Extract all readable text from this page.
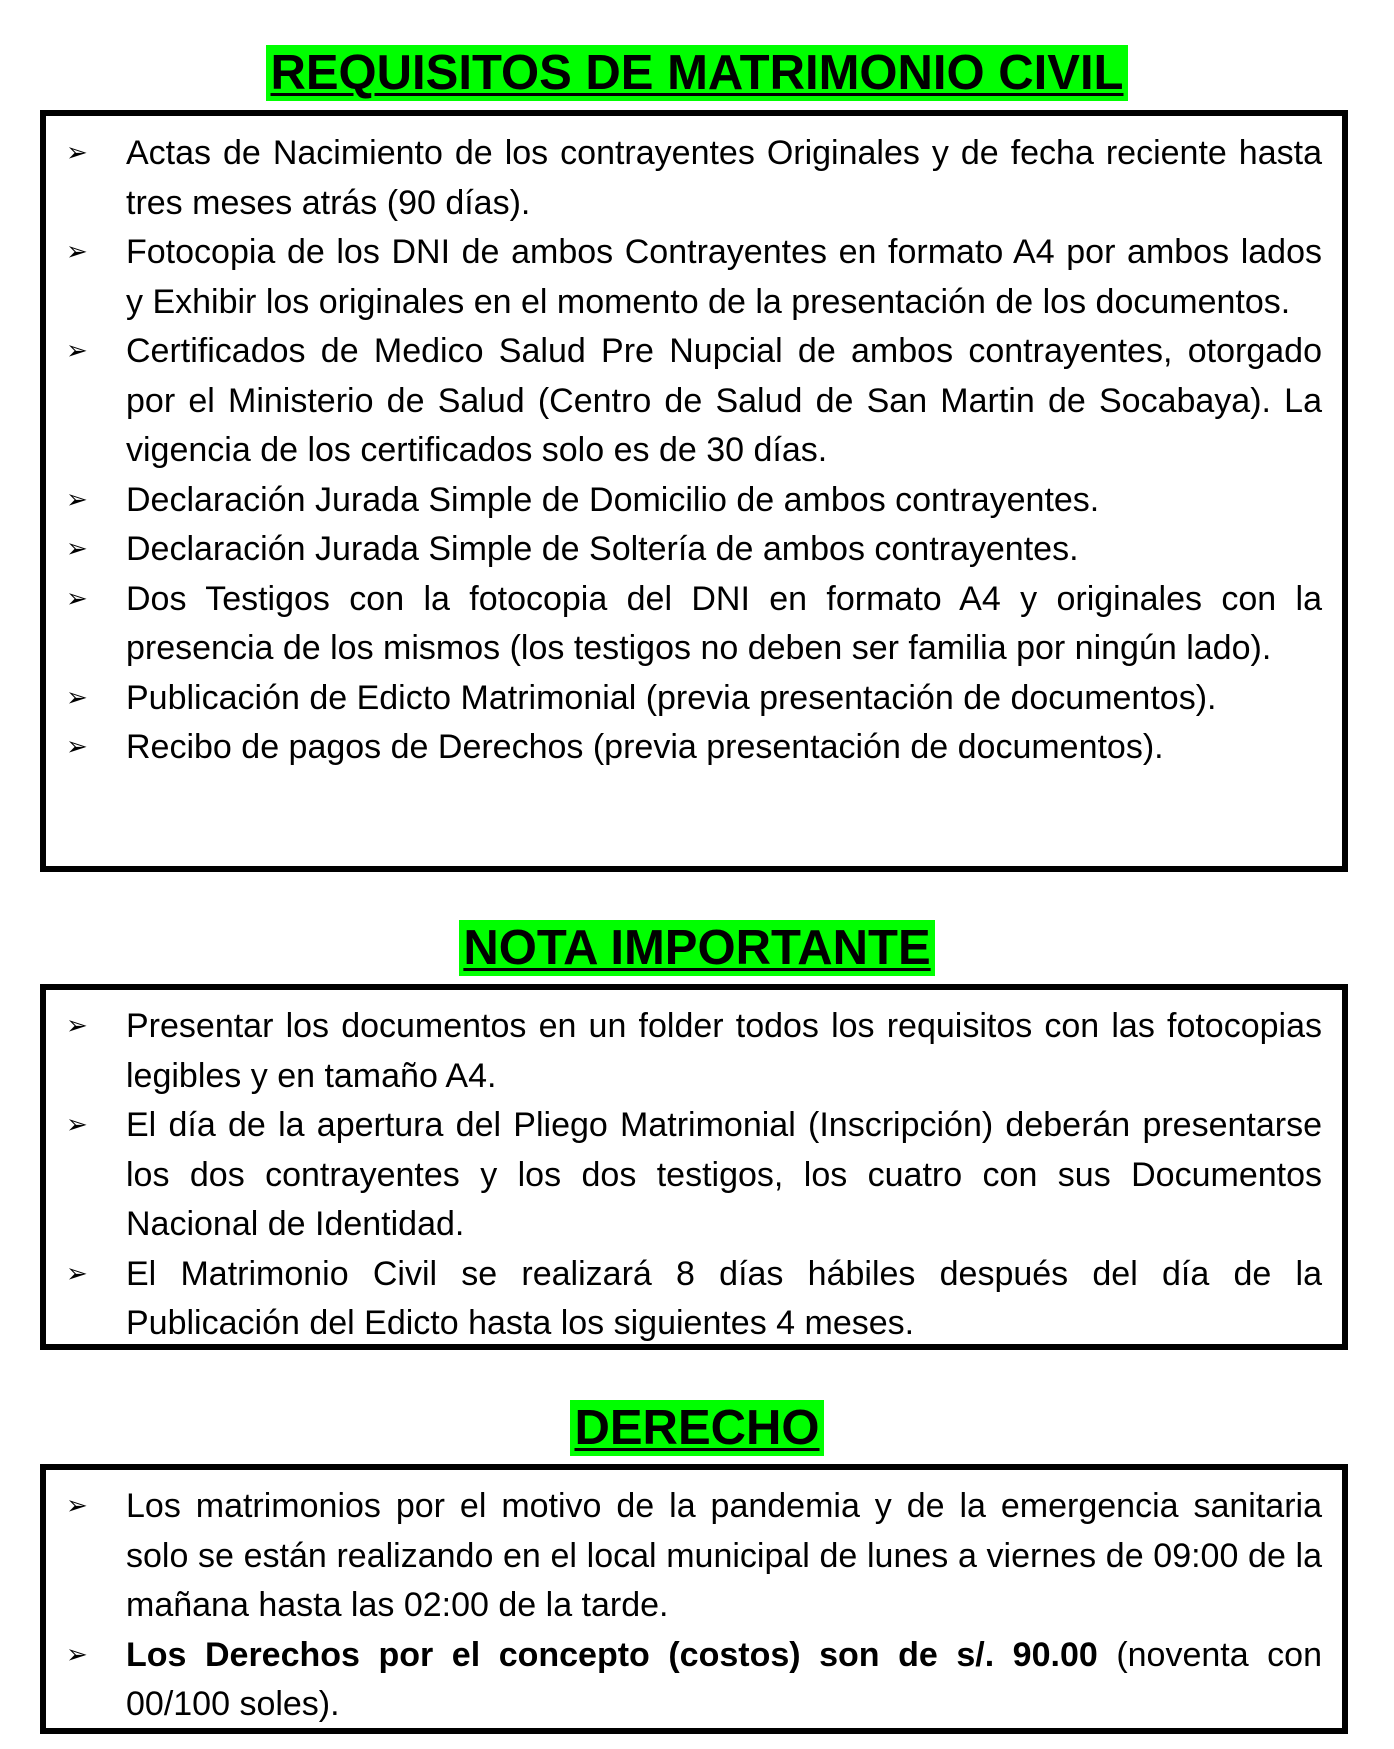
REQUISITOS DE MATRIMONIO CIVIL
➢ Actas de Nacimiento de los contrayentes Originales y de fecha reciente hasta tres meses atrás (90 días).
➢ Fotocopia de los DNI de ambos Contrayentes en formato A4 por ambos lados y Exhibir los originales en el momento de la presentación de los documentos.
➢ Certificados de Medico Salud Pre Nupcial de ambos contrayentes, otorgado por el Ministerio de Salud (Centro de Salud de San Martin de Socabaya). La vigencia de los certificados solo es de 30 días.
➢ Declaración Jurada Simple de Domicilio de ambos contrayentes.
➢ Declaración Jurada Simple de Soltería de ambos contrayentes.
➢ Dos Testigos con la fotocopia del DNI en formato A4 y originales con la presencia de los mismos (los testigos no deben ser familia por ningún lado).
➢ Publicación de Edicto Matrimonial (previa presentación de documentos).
➢ Recibo de pagos de Derechos (previa presentación de documentos).
NOTA IMPORTANTE
➢ Presentar los documentos en un folder todos los requisitos con las fotocopias legibles y en tamaño A4.
➢ El día de la apertura del Pliego Matrimonial (Inscripción) deberán presentarse los dos contrayentes y los dos testigos, los cuatro con sus Documentos Nacional de Identidad.
➢ El Matrimonio Civil se realizará 8 días hábiles después del día de la Publicación del Edicto hasta los siguientes 4 meses.
DERECHO
➢ Los matrimonios por el motivo de la pandemia y de la emergencia sanitaria solo se están realizando en el local municipal de lunes a viernes de 09:00 de la mañana hasta las 02:00 de la tarde.
➢ Los Derechos por el concepto (costos) son de s/. 90.00 (noventa con 00/100 soles).
